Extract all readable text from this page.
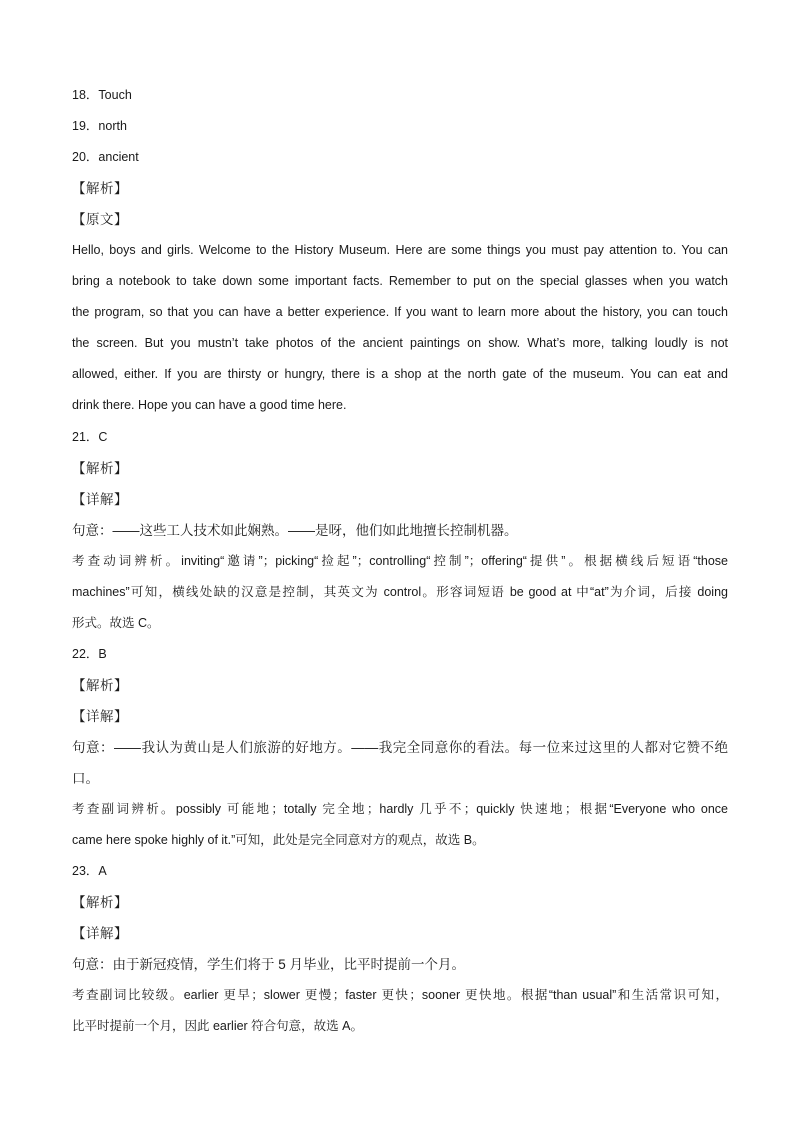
18．Touch

19．north

20．ancient

【解析】

【原文】

Hello, boys and girls. Welcome to the History Museum. Here are some things you must pay attention to. You can
bring a notebook to take down some important facts. Remember to put on the special glasses when you watch
the program, so that you can have a better experience. If you want to learn more about the history, you can touch
the screen. But you mustn’t take photos of the ancient paintings on show. What’s more, talking loudly is not
allowed, either. If you are thirsty or hungry, there is a shop at the north gate of the museum. You can eat and
drink there. Hope you can have a good time here.

21．C

【解析】

【详解】

句意：——这些工人技术如此娴熟。——是呀，他们如此地擅长控制机器。

考查动词辨析。inviting“邀请”；picking“捡起”；controlling“控制”；offering“提供”。根据横线后短语“those
machines”可知，横线处缺的汉意是控制，其英文为 control。形容词短语 be good at 中“at”为介词，后接 doing
形式。故选 C。

22．B

【解析】

【详解】

句意：——我认为黄山是人们旅游的好地方。——我完全同意你的看法。每一位来过这里的人都对它赞不绝
口。
考查副词辨析。possibly 可能地；totally 完全地；hardly 几乎不；quickly 快速地；根据“Everyone who once
came here spoke highly of it.”可知，此处是完全同意对方的观点，故选 B。

23．A

【解析】

【详解】

句意：由于新冠疫情，学生们将于 5 月毕业，比平时提前一个月。

考查副词比较级。earlier 更早；slower 更慢；faster 更快；sooner 更快地。根据“than usual”和生活常识可知，
比平时提前一个月，因此 earlier 符合句意，故选 A。
